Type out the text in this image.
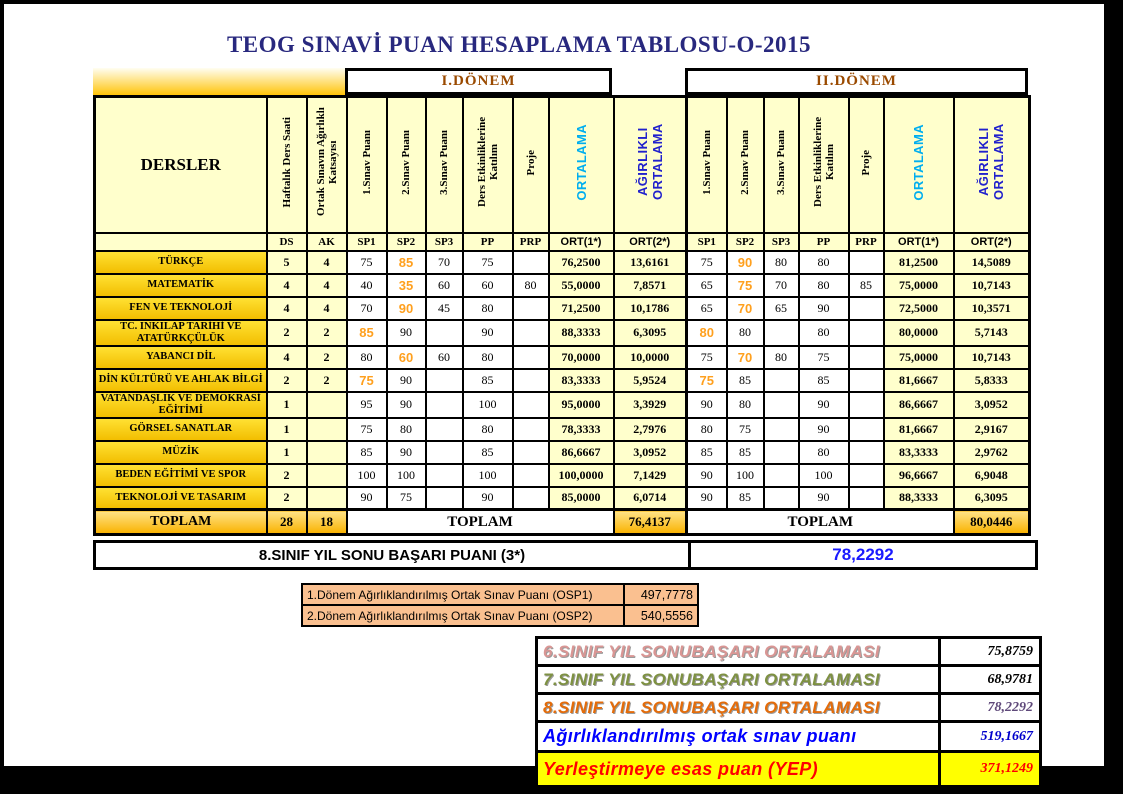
TEOG SINAVİ PUAN HESAPLAMA TABLOSU-O-2015
I.DÖNEM	II.DÖNEM
DERSLER	Haftalık Ders Saati	Ortak Sınavın Ağırlıklı Katsayısı	1.Sınav Puanı	2.Sınav Puanı	3.Sınav Puanı	Ders Etkinliklerine Katılım	Proje	ORTALAMA	AĞIRLIKLI ORTALAMA	1.Sınav Puanı	2.Sınav Puanı	3.Sınav Puanı	Ders Etkinliklerine Katılım	Proje	ORTALAMA	AĞIRLIKLI ORTALAMA
	DS	AK	SP1	SP2	SP3	PP	PRP	ORT(1*)	ORT(2*)	SP1	SP2	SP3	PP	PRP	ORT(1*)	ORT(2*)
TÜRKÇE	5	4	75	85	70	75		76,2500	13,6161	75	90	80	80		81,2500	14,5089
MATEMATİK	4	4	40	35	60	60	80	55,0000	7,8571	65	75	70	80	85	75,0000	10,7143
FEN VE TEKNOLOJİ	4	4	70	90	45	80		71,2500	10,1786	65	70	65	90		72,5000	10,3571
TC. INKILAP TARİHİ VE ATATÜRKÇÜLÜK	2	2	85	90		90		88,3333	6,3095	80	80		80		80,0000	5,7143
YABANCI DİL	4	2	80	60	60	80		70,0000	10,0000	75	70	80	75		75,0000	10,7143
DİN KÜLTÜRÜ VE AHLAK BİLGİ	2	2	75	90		85		83,3333	5,9524	75	85		85		81,6667	5,8333
VATANDAŞLIK VE DEMOKRASİ EĞİTİMİ	1		95	90		100		95,0000	3,3929	90	80		90		86,6667	3,0952
GÖRSEL SANATLAR	1		75	80		80		78,3333	2,7976	80	75		90		81,6667	2,9167
MÜZİK	1		85	90		85		86,6667	3,0952	85	85		80		83,3333	2,9762
BEDEN EĞİTİMİ VE SPOR	2		100	100		100		100,0000	7,1429	90	100		100		96,6667	6,9048
TEKNOLOJİ VE TASARIM	2		90	75		90		85,0000	6,0714	90	85		90		88,3333	6,3095
TOPLAM	28	18	TOPLAM						76,4137	TOPLAM						80,0446
8.SINIF YIL SONU BAŞARI PUANI (3*)	78,2292
1.Dönem Ağırlıklandırılmış Ortak Sınav Puanı (OSP1)	497,7778
2.Dönem Ağırlıklandırılmış Ortak Sınav Puanı (OSP2)	540,5556
6.SINIF YIL SONUBAŞARI ORTALAMASI	75,8759
7.SINIF YIL SONUBAŞARI ORTALAMASI	68,9781
8.SINIF YIL SONUBAŞARI ORTALAMASI	78,2292
Ağırlıklandırılmış ortak sınav puanı	519,1667
Yerleştirmeye esas puan (YEP)	371,1249
